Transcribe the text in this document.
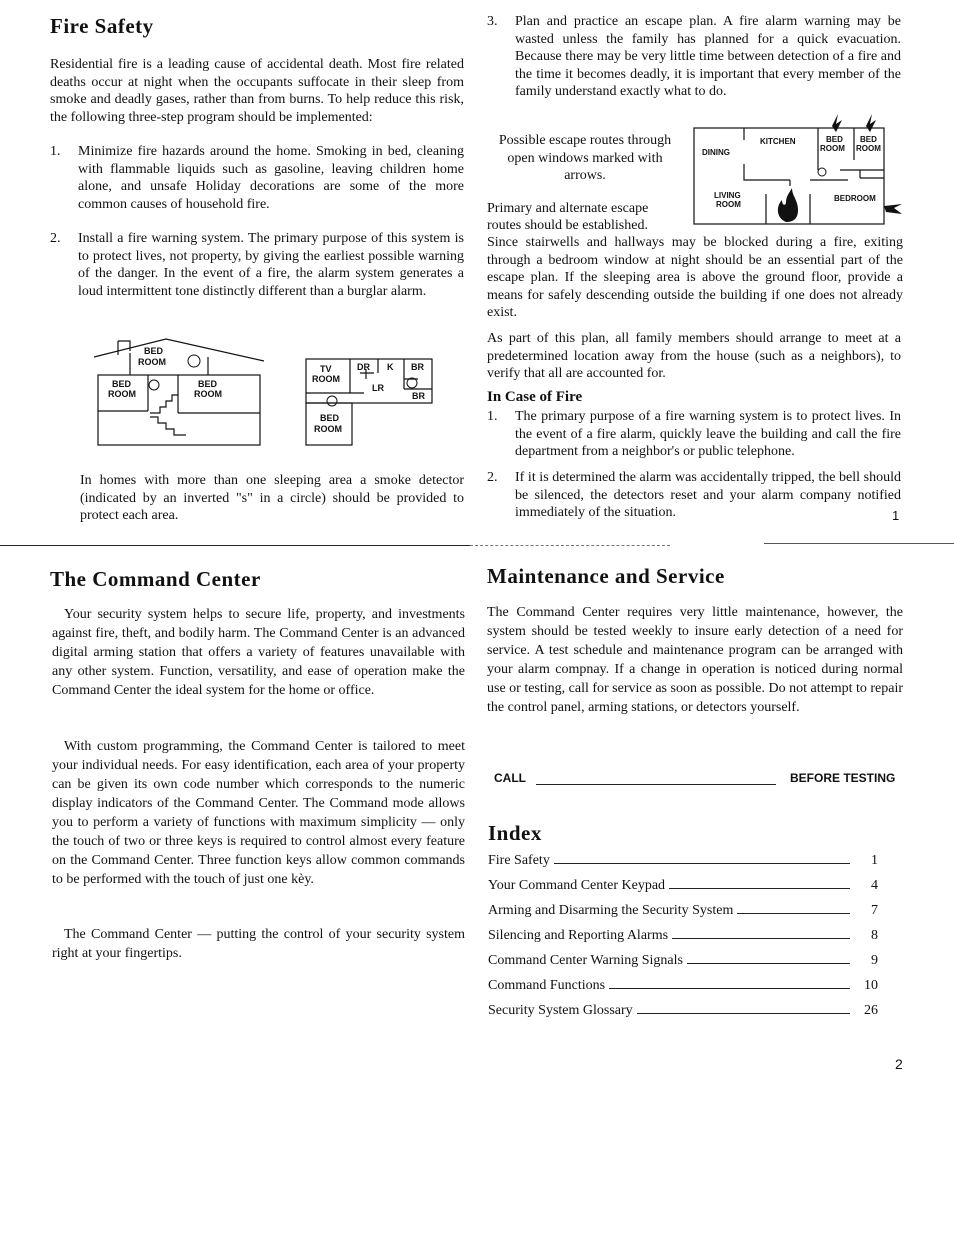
Fire Safety
Residential fire is a leading cause of accidental death. Most fire related deaths occur at night when the occupants suffocate in their sleep from smoke and deadly gases, rather than from burns. To help reduce this risk, the following three-step program should be implemented:
1.	Minimize fire hazards around the home. Smoking in bed, cleaning with flammable liquids such as gasoline, leaving children home alone, and unsafe Holiday decorations are some of the more common causes of household fire.
2.	Install a fire warning system. The primary purpose of this system is to protect lives, not property, by giving the earliest possible warning of the danger. In the event of a fire, the alarm system generates a loud intermittent tone distinctly different than a burglar alarm.
BED
ROOM
BED
ROOM
BED
ROOM
TV
ROOM
DR K BR
LR
BR
BED
ROOM
In homes with more than one sleeping area a smoke detector (indicated by an inverted "s" in a circle) should be provided to protect each area.
3.	Plan and practice an escape plan. A fire alarm warning may be wasted unless the family has planned for a quick evacuation. Because there may be very little time between detection of a fire and the time it becomes deadly, it is important that every member of the family understand exactly what to do.
Possible escape routes through open windows marked with arrows.
KITCHEN
DINING
BED
ROOM
BED
ROOM
LIVING
ROOM
BEDROOM
Primary and alternate escape
routes should be established.
Since stairwells and hallways may be blocked during a fire, exiting through a bedroom window at night should be an essential part of the escape plan. If the sleeping area is above the ground floor, provide a means for safely descending outside the building if one does not already exist.
As part of this plan, all family members should arrange to meet at a predetermined location away from the house (such as a neighbors), to verify that all are accounted for.
In Case of Fire
1.	The primary purpose of a fire warning system is to protect lives. In the event of a fire alarm, quickly leave the building and call the fire department from a neighbor's or public telephone.
2.	If it is determined the alarm was accidentally tripped, the bell should be silenced, the detectors reset and your alarm company notified immediately of the situation.	1
The Command Center
Your security system helps to secure life, property, and investments against fire, theft, and bodily harm. The Command Center is an advanced digital arming station that offers a variety of features unavailable with any other system. Function, versatility, and ease of operation make the Command Center the ideal system for the home or office.
With custom programming, the Command Center is tailored to meet your individual needs. For easy identification, each area of your property can be given its own code number which corresponds to the numeric display indicators of the Command Center. The Command mode allows you to perform a variety of functions with maximum simplicity — only the touch of two or three keys is required to control almost every feature on the Command Center. Three function keys allow common commands to be performed with the touch of just one kèy.
The Command Center — putting the control of your security system right at your fingertips.
Maintenance and Service
The Command Center requires very little maintenance, however, the system should be tested weekly to insure early detection of a need for service. A test schedule and maintenance program can be arranged with your alarm compnay. If a change in operation is noticed during normal use or testing, call for service as soon as possible. Do not attempt to repair the control panel, arming stations, or detectors yourself.
CALL	BEFORE TESTING
Index
Fire Safety	1
Your Command Center Keypad	4
Arming and Disarming the Security System	7
Silencing and Reporting Alarms	8
Command Center Warning Signals	9
Command Functions	10
Security System Glossary	26
2
